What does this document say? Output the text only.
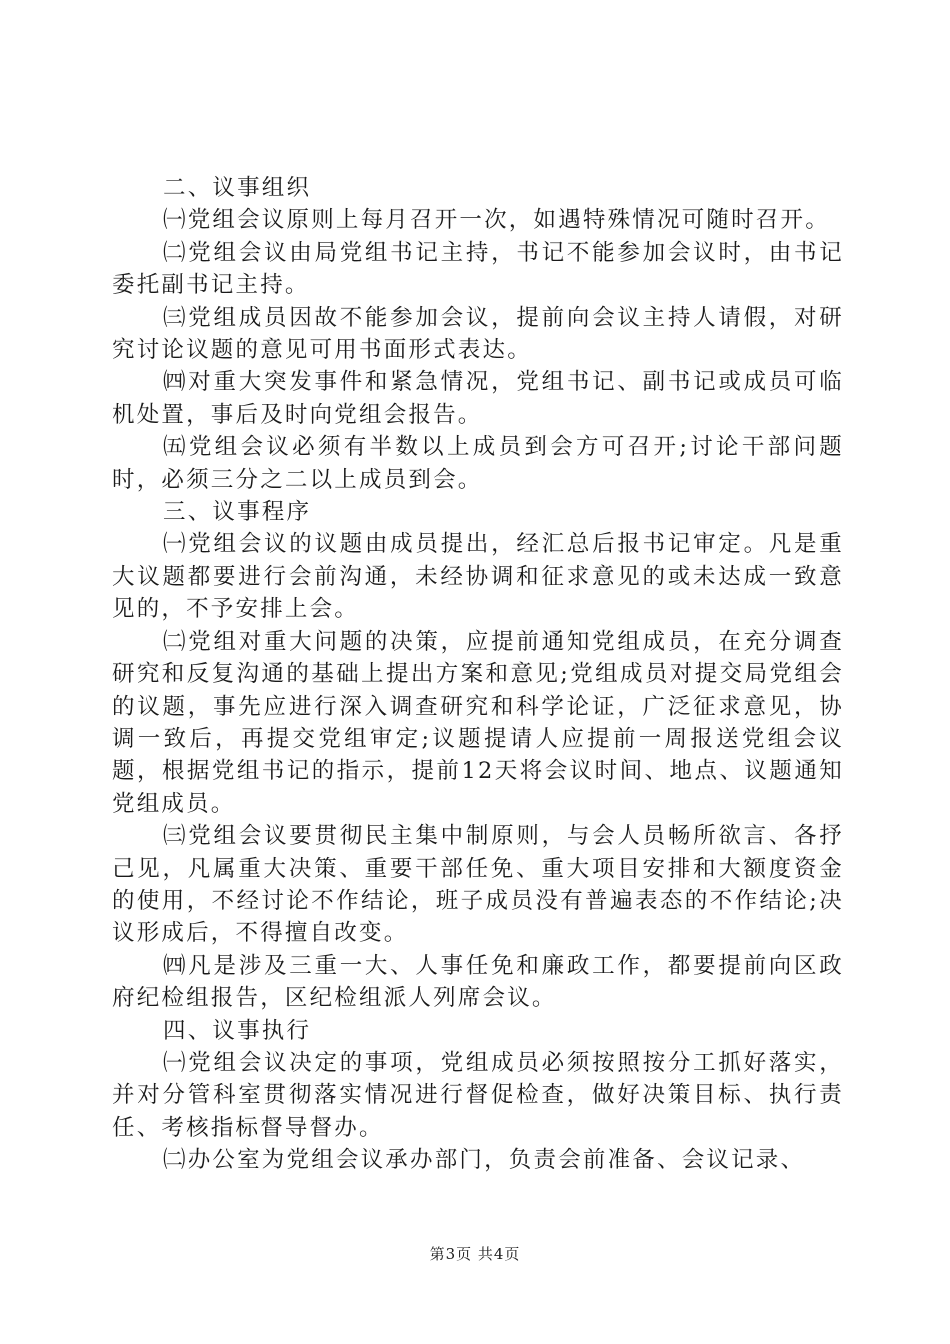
二、议事组织

㈠党组会议原则上每月召开一次，如遇特殊情况可随时召开。

㈡党组会议由局党组书记主持，书记不能参加会议时，由书记委托副书记主持。

㈢党组成员因故不能参加会议，提前向会议主持人请假，对研究讨论议题的意见可用书面形式表达。

㈣对重大突发事件和紧急情况，党组书记、副书记或成员可临机处置，事后及时向党组会报告。

㈤党组会议必须有半数以上成员到会方可召开;讨论干部问题时，必须三分之二以上成员到会。

三、议事程序

㈠党组会议的议题由成员提出，经汇总后报书记审定。凡是重大议题都要进行会前沟通，未经协调和征求意见的或未达成一致意见的，不予安排上会。

㈡党组对重大问题的决策，应提前通知党组成员，在充分调查研究和反复沟通的基础上提出方案和意见;党组成员对提交局党组会的议题，事先应进行深入调查研究和科学论证，广泛征求意见，协调一致后，再提交党组审定;议题提请人应提前一周报送党组会议题，根据党组书记的指示，提前12天将会议时间、地点、议题通知党组成员。

㈢党组会议要贯彻民主集中制原则，与会人员畅所欲言、各抒己见，凡属重大决策、重要干部任免、重大项目安排和大额度资金的使用，不经讨论不作结论，班子成员没有普遍表态的不作结论;决议形成后，不得擅自改变。

㈣凡是涉及三重一大、人事任免和廉政工作，都要提前向区政府纪检组报告，区纪检组派人列席会议。

四、议事执行

㈠党组会议决定的事项，党组成员必须按照按分工抓好落实，并对分管科室贯彻落实情况进行督促检查，做好决策目标、执行责任、考核指标督导督办。

㈡办公室为党组会议承办部门，负责会前准备、会议记录、

第3页 共4页
